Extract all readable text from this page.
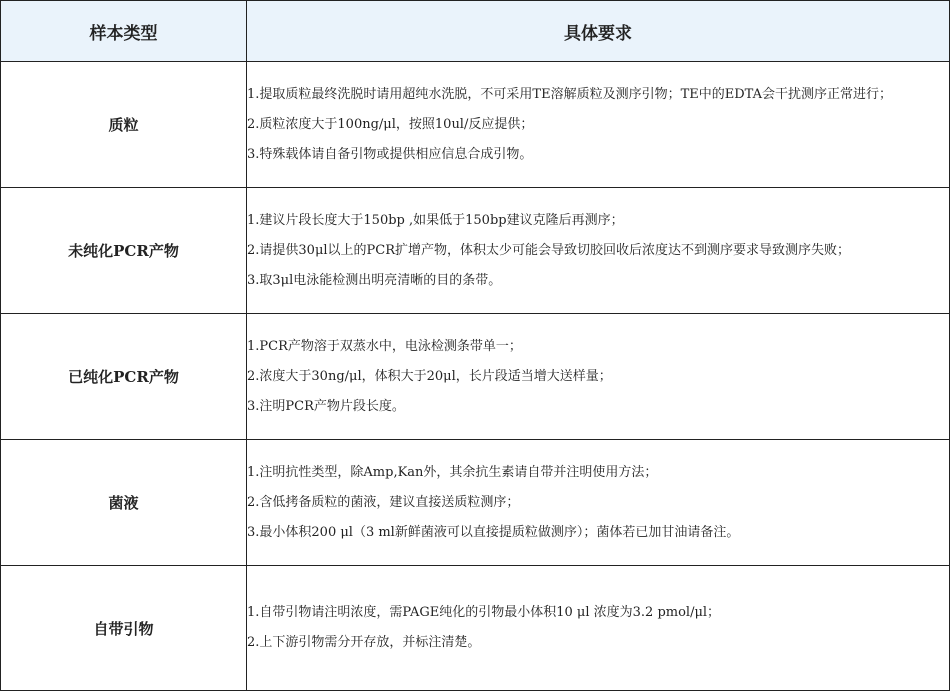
样本类型	具体要求
质粒	1.提取质粒最终洗脱时请用超纯水洗脱，不可采用TE溶解质粒及测序引物；TE中的EDTA会干扰测序正常进行；
2.质粒浓度大于100ng/μl，按照10ul/反应提供；
3.特殊载体请自备引物或提供相应信息合成引物。

未纯化PCR产物	1.建议片段长度大于150bp ,如果低于150bp建议克隆后再测序；
2.请提供30μl以上的PCR扩增产物，体积太少可能会导致切胶回收后浓度达不到测序要求导致测序失败；
3.取3μl电泳能检测出明亮清晰的目的条带。

已纯化PCR产物	1.PCR产物溶于双蒸水中，电泳检测条带单一；
2.浓度大于30ng/μl，体积大于20μl，长片段适当增大送样量；
3.注明PCR产物片段长度。

菌液	1.注明抗性类型，除Amp,Kan外，其余抗生素请自带并注明使用方法；
2.含低拷备质粒的菌液，建议直接送质粒测序；
3.最小体积200 μl（3 ml新鲜菌液可以直接提质粒做测序）；菌体若已加甘油请备注。

自带引物	1.自带引物请注明浓度，需PAGE纯化的引物最小体积10 μl 浓度为3.2 pmol/μl；
2.上下游引物需分开存放，并标注清楚。
